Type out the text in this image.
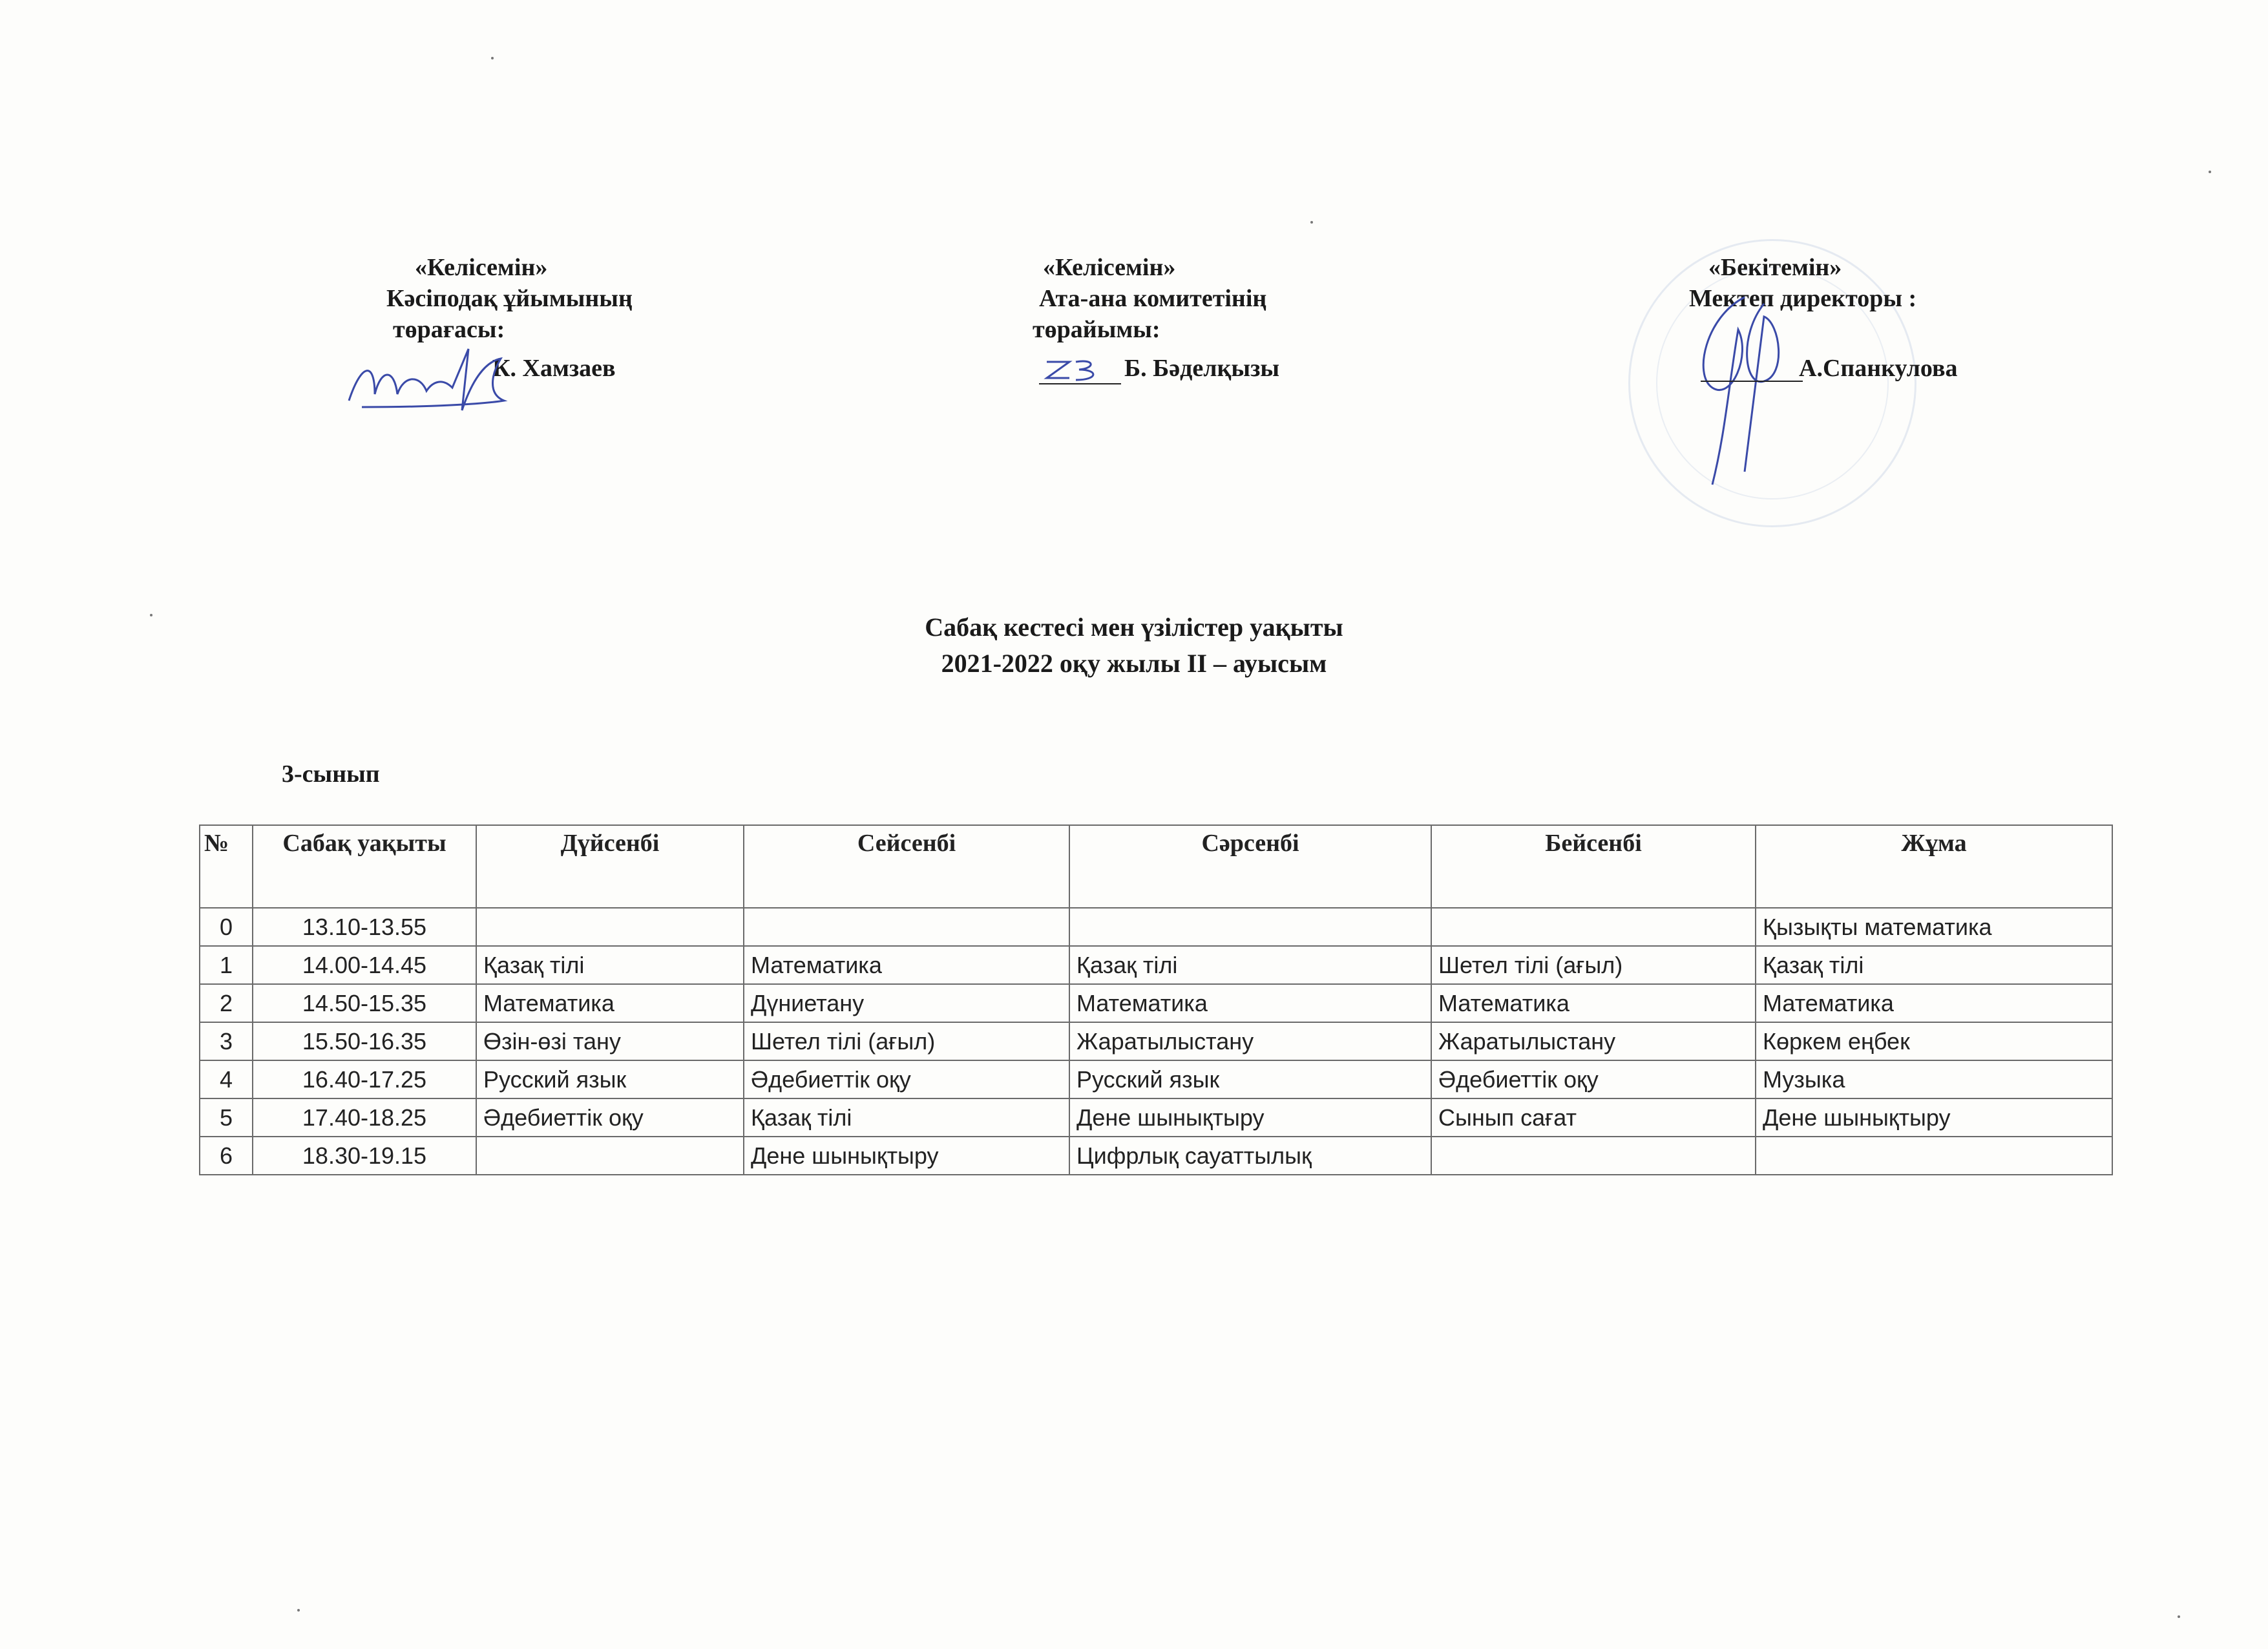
«Келісемін»
Кәсіподақ ұйымының
төрағасы:
К. Хамзаев
«Келісемін»
Ата-ана комитетінің
төрайымы:
Б. Бәделқызы
«Бекітемін»
Мектеп директоры :
А.Спанкулова
Сабақ кестесі мен үзілістер уақыты
2021-2022 оқу жылы ІІ – ауысым
3-сынып
№	Сабақ уақыты	Дүйсенбі	Сейсенбі	Сәрсенбі	Бейсенбі	Жұма
0	13.10-13.55					Қызықты математика
1	14.00-14.45	Қазақ тілі	Математика	Қазақ тілі	Шетел тілі (ағыл)	Қазақ тілі
2	14.50-15.35	Математика	Дүниетану	Математика	Математика	Математика
3	15.50-16.35	Өзін-өзі тану	Шетел тілі (ағыл)	Жаратылыстану	Жаратылыстану	Көркем еңбек
4	16.40-17.25	Русский язык	Әдебиеттік оқу	Русский язык	Әдебиеттік оқу	Музыка
5	17.40-18.25	Әдебиеттік оқу	Қазақ тілі	Дене шынықтыру	Сынып сағат	Дене шынықтыру
6	18.30-19.15		Дене шынықтыру	Цифрлық сауаттылық		
